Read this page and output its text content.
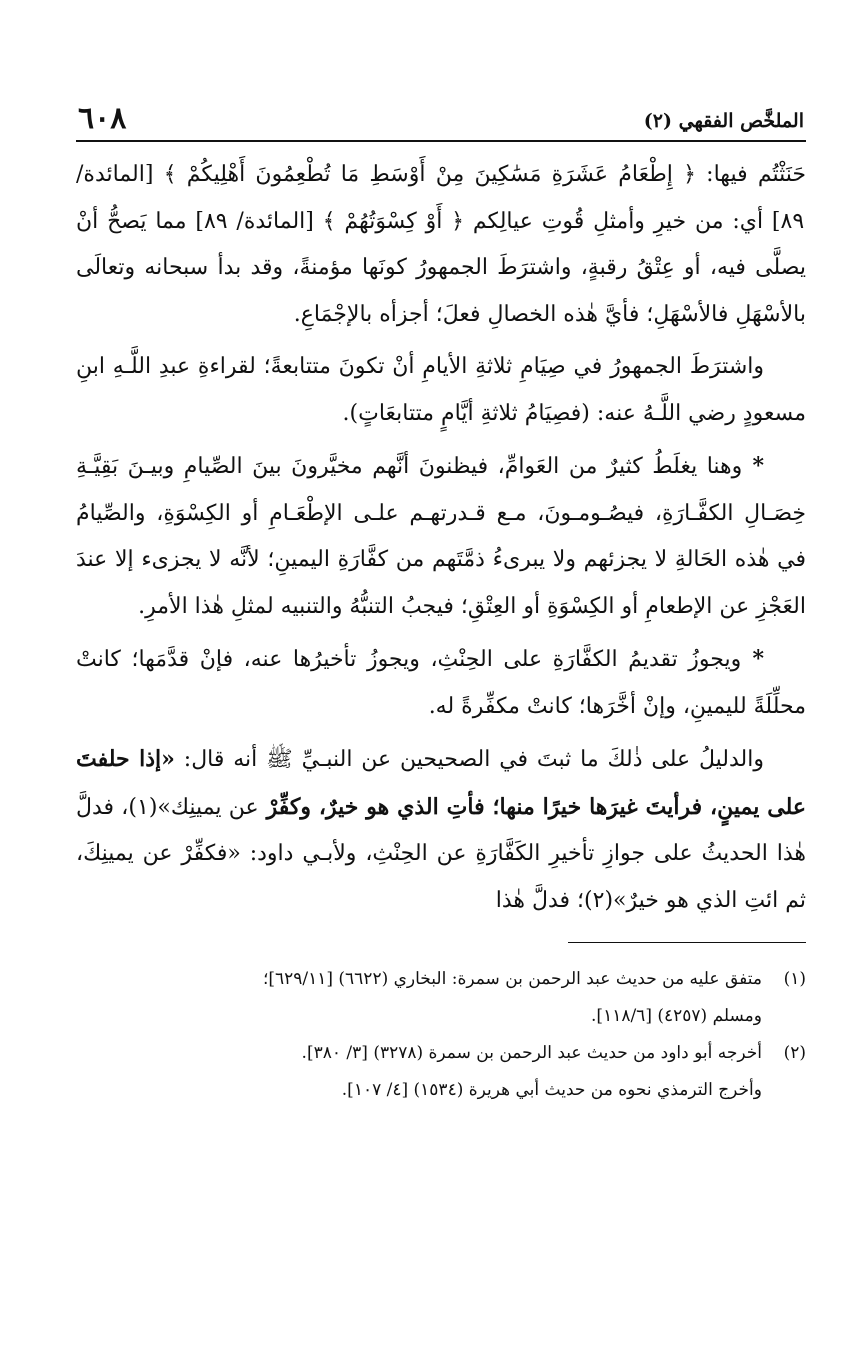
الملخَّص الفقهي (٢)
٦٠٨

حَنَثْتُم فيها: ﴿ إِطْعَامُ عَشَرَةِ مَسَٰكِينَ مِنْ أَوْسَطِ مَا تُطْعِمُونَ أَهْلِيكُمْ ﴾ [المائدة/ ٨٩] أي: من خيرِ وأمثلِ قُوتِ عيالِكم ﴿ أَوْ كِسْوَتُهُمْ ﴾ [المائدة/ ٨٩] مما يَصحُّ أنْ يصلَّى فيه، أو عِتْقُ رقبةٍ، واشترَطَ الجمهورُ كونَها مؤمنةً، وقد بدأ سبحانه وتعالَى بالأسْهَلِ فالأسْهَلِ؛ فأيَّ هٰذه الخصالِ فعلَ؛ أجزأه بالإجْمَاعِ.

واشترَطَ الجمهورُ في صِيَامِ ثلاثةِ الأيامِ أنْ تكونَ متتابعةً؛ لقراءةِ عبدِ اللَّـهِ ابنِ مسعودٍ رضي اللَّـهُ عنه: (فصِيَامُ ثلاثةِ أيَّامٍ متتابعَاتٍ).

* وهنا يغلَطُ كثيرٌ من العَوامِّ، فيظنونَ أنَّهم مخيَّرونَ بينَ الصِّيامِ وبيـنَ بَقِيَّـةِ خِصَـالِ الكفَّـارَةِ، فيصُـومـونَ، مـع قـدرتهـم علـى الإطْعَـامِ أو الكِسْوَةِ، والصِّيامُ في هٰذه الحَالةِ لا يجزئهم ولا يبرىءُ ذمَّتَهم من كفَّارَةِ اليمينِ؛ لأنَّه لا يجزىء إلا عندَ العَجْزِ عن الإطعامِ أو الكِسْوَةِ أو العِتْقِ؛ فيجبُ التنبُّهُ والتنبيه لمثلِ هٰذا الأمرِ.

* ويجوزُ تقديمُ الكفَّارَةِ على الحِنْثِ، ويجوزُ تأخيرُها عنه، فإنْ قدَّمَها؛ كانتْ محلِّلَةً لليمينِ، وإنْ أخَّرَها؛ كانتْ مكفِّرةً له.

والدليلُ على ذٰلكَ ما ثبتَ في الصحيحين عن النبـيِّ ﷺ أنه قال: «إذا حلفتَ على يمينٍ، فرأيتَ غيرَها خيرًا منها؛ فأتِ الذي هو خيرٌ، وكفِّرْ عن يمينِك»(١)، فدلَّ هٰذا الحديثُ على جوازِ تأخيرِ الكَفَّارَةِ عن الحِنْثِ، ولأبـي داود: «فكفِّرْ عن يمينِكَ، ثم ائتِ الذي هو خيرٌ»(٢)؛ فدلَّ هٰذا

(١)
متفق عليه من حديث عبد الرحمن بن سمرة: البخاري (٦٦٢٢) [٦٢٩/١١]؛
ومسلم (٤٢٥٧) [١١٨/٦].
(٢)
أخرجه أبو داود من حديث عبد الرحمن بن سمرة (٣٢٧٨) [٣/ ٣٨٠].
وأخرج الترمذي نحوه من حديث أبي هريرة (١٥٣٤) [٤/ ١٠٧].
